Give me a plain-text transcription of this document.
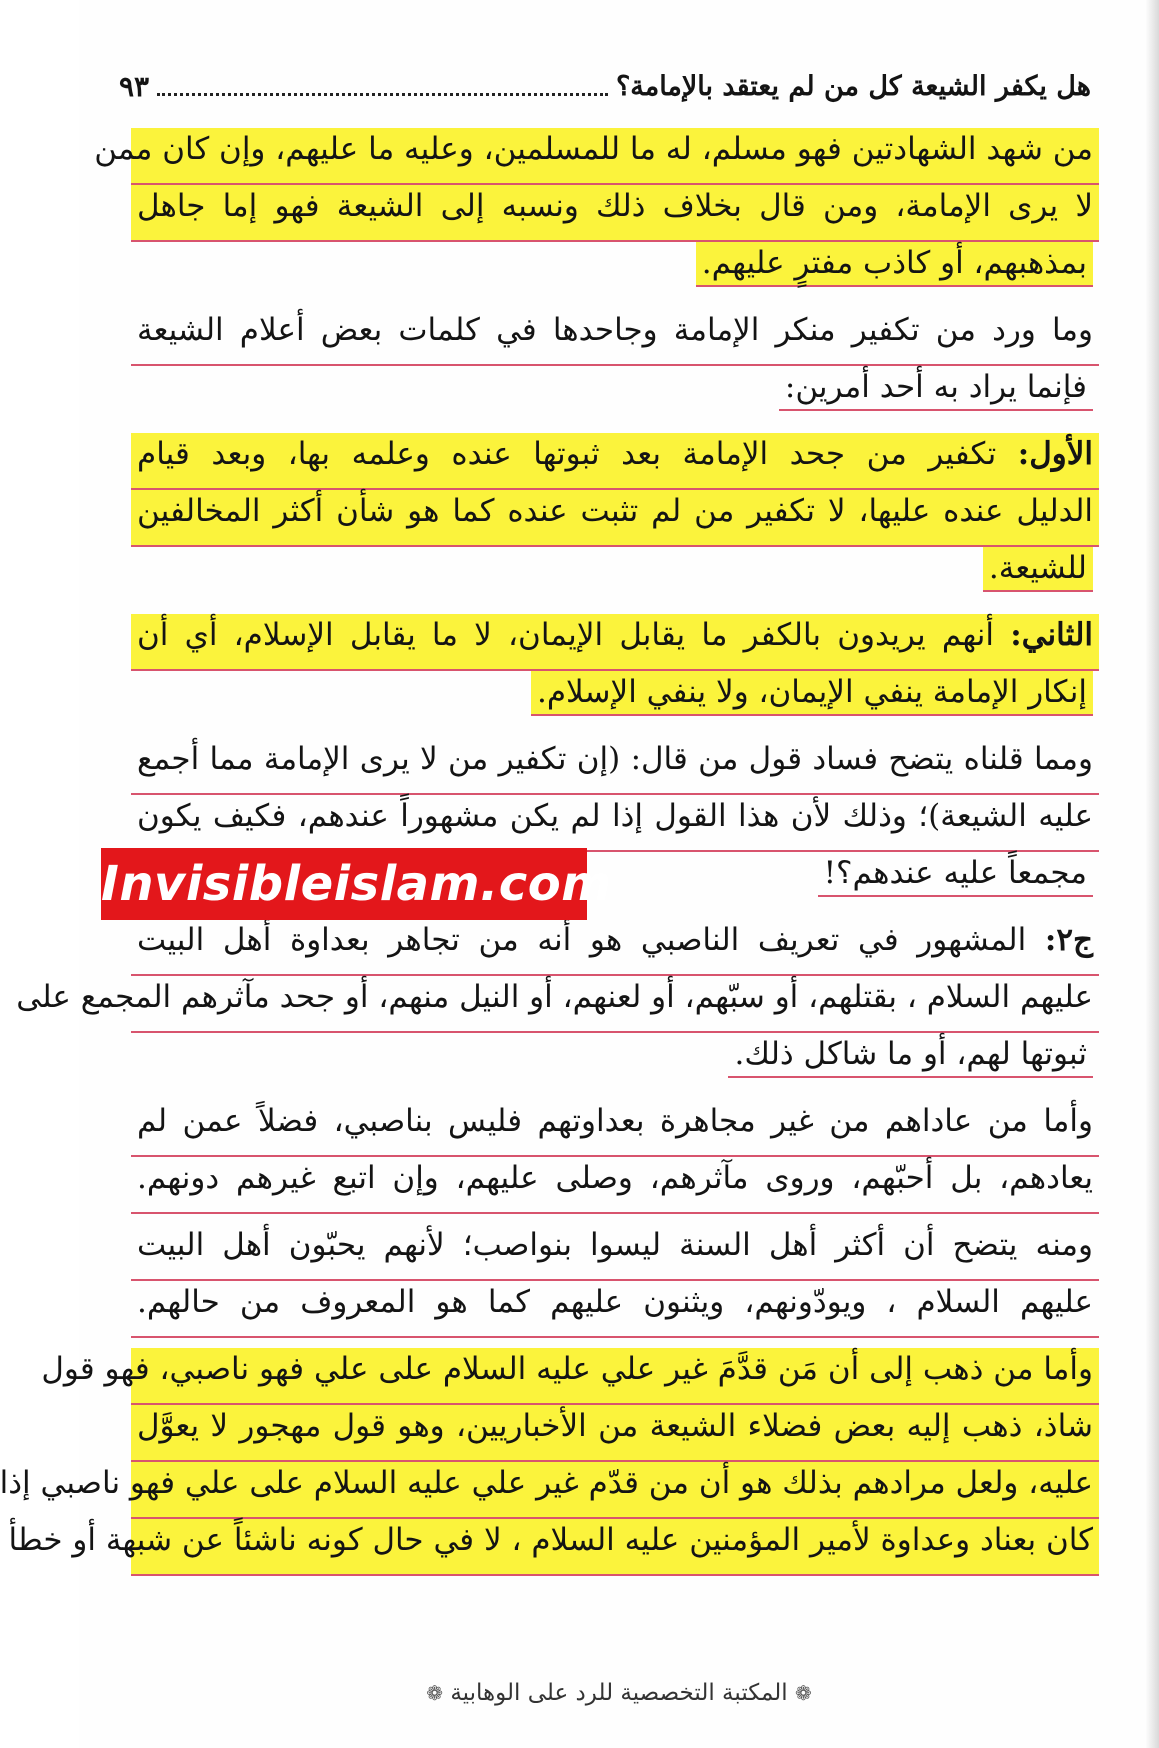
هل يكفر الشيعة كل من لم يعتقد بالإمامة؟
٩٣
من شهد الشهادتين فهو مسلم، له ما للمسلمين، وعليه ما عليهم، وإن كان ممن
لا يرى الإمامة، ومن قال بخلاف ذلك ونسبه إلى الشيعة فهو إما جاهل
بمذهبهم، أو كاذب مفترٍ عليهم.
وما ورد من تكفير منكر الإمامة وجاحدها في كلمات بعض أعلام الشيعة
فإنما يراد به أحد أمرين:
الأول: تكفير من جحد الإمامة بعد ثبوتها عنده وعلمه بها، وبعد قيام
الدليل عنده عليها، لا تكفير من لم تثبت عنده كما هو شأن أكثر المخالفين
للشيعة.
الثاني: أنهم يريدون بالكفر ما يقابل الإيمان، لا ما يقابل الإسلام، أي أن
إنكار الإمامة ينفي الإيمان، ولا ينفي الإسلام.
ومما قلناه يتضح فساد قول من قال: (إن تكفير من لا يرى الإمامة مما أجمع
عليه الشيعة)؛ وذلك لأن هذا القول إذا لم يكن مشهوراً عندهم، فكيف يكون
مجمعاً عليه عندهم؟!
ج٢: المشهور في تعريف الناصبي هو أنه من تجاهر بعداوة أهل البيت
عليهم السلام ، بقتلهم، أو سبّهم، أو لعنهم، أو النيل منهم، أو جحد مآثرهم المجمع على
ثبوتها لهم، أو ما شاكل ذلك.
وأما من عاداهم من غير مجاهرة بعداوتهم فليس بناصبي، فضلاً عمن لم
يعادهم، بل أحبّهم، وروى مآثرهم، وصلى عليهم، وإن اتبع غيرهم دونهم.
ومنه يتضح أن أكثر أهل السنة ليسوا بنواصب؛ لأنهم يحبّون أهل البيت
عليهم السلام ، ويودّونهم، ويثنون عليهم كما هو المعروف من حالهم.
وأما من ذهب إلى أن مَن قدَّمَ غير علي عليه السلام على علي فهو ناصبي، فهو قول
شاذ، ذهب إليه بعض فضلاء الشيعة من الأخباريين، وهو قول مهجور لا يعوَّل
عليه، ولعل مرادهم بذلك هو أن من قدّم غير علي عليه السلام على علي فهو ناصبي إذا
كان بعناد وعداوة لأمير المؤمنين عليه السلام ، لا في حال كونه ناشئاً عن شبهة أو خطأ
Invisibleislam.com
❁ المكتبة التخصصية للرد على الوهابية ❁
